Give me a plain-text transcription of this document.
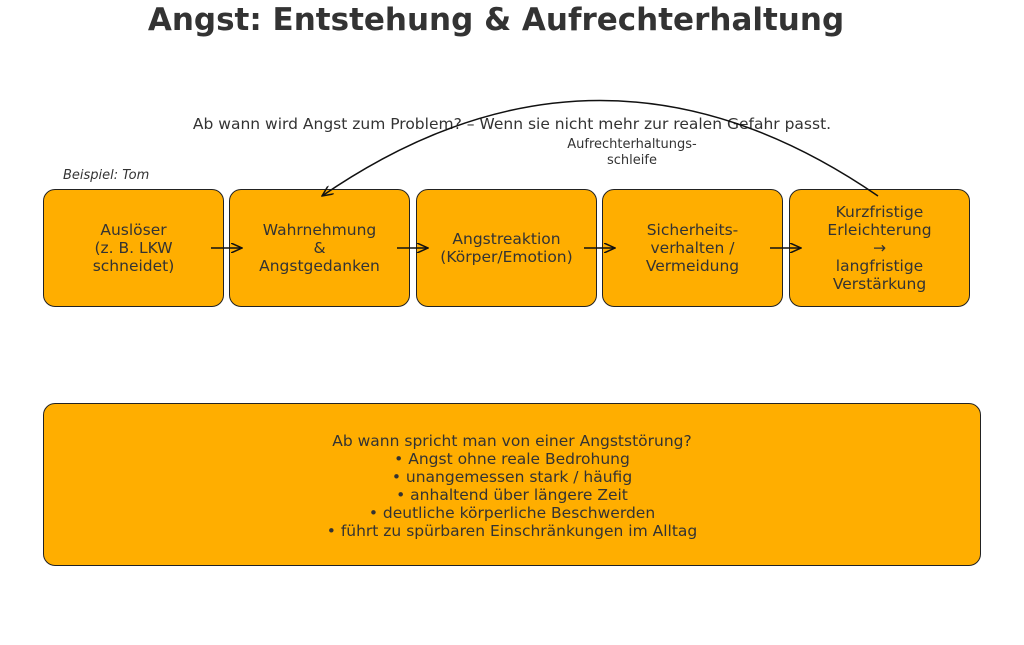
Angst: Entstehung & Aufrechterhaltung
Ab wann wird Angst zum Problem? – Wenn sie nicht mehr zur realen Gefahr passt.
Aufrechterhaltungs-
schleife
Beispiel: Tom
Auslöser
(z. B. LKW schneidet)
Wahrnehmung &
Angstgedanken
Angstreaktion
(Körper/Emotion)
Sicherheits-
verhalten /
Vermeidung
Kurzfristige
Erleichterung
→ langfristige Verstärkung
Ab wann spricht man von einer Angststörung?
• Angst ohne reale Bedrohung
• unangemessen stark / häufig
• anhaltend über längere Zeit
• deutliche körperliche Beschwerden
• führt zu spürbaren Einschränkungen im Alltag
